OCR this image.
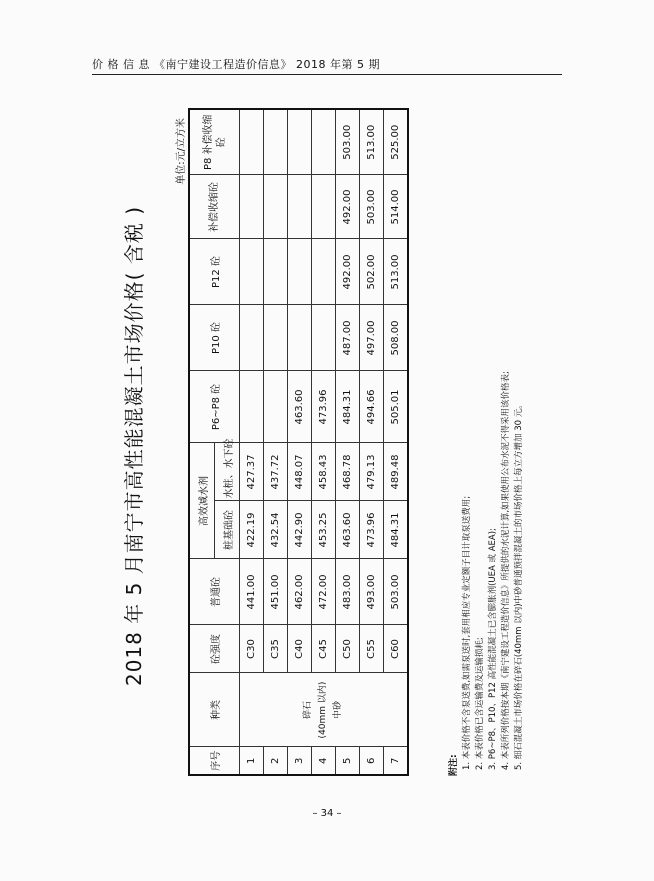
价 格 信 息 《南宁建设工程造价信息》 2018 年第 5 期
2018 年 5 月南宁市高性能混凝土市场价格( 含税 )
单位:元/立方米
序号	种类	砼强度	普通砼	高效减水剂		P6~P8 砼	P10 砼	P12 砼	补偿收缩砼	P8 补偿收缩砼
				桩基础砼	水桩、水下砼					
1	碎石 (40mm 以内) 中砂	C30	441.00	422.19	427.37					
2		C35	451.00	432.54	437.72					
3		C40	462.00	442.90	448.07	463.60				
4		C45	472.00	453.25	458.43	473.96				
5		C50	483.00	463.60	468.78	484.31	487.00	492.00	492.00	503.00
6		C55	493.00	473.96	479.13	494.66	497.00	502.00	503.00	513.00
7		C60	503.00	484.31	489.48	505.01	508.00	513.00	514.00	525.00
附注: 1. 本表价格不含泵送费,如需泵送时,套用相应专业定额子目计取泵送费用; 2. 本表价格已含运输费及运输损耗; 3. P6~P8、P10、P12 高性能混凝土已含膨胀剂(UEA 或 AEA); 4. 本表所列价格按本期《南宁建设工程造价信息》所提供的水泥计算,如果使用公布水泥不得采用该价格表; 5. 细石混凝土市场价格在碎石(40mm 以内)中砂普通预拌混凝土的市场价格上每立方增加 30 元。
– 34 –
